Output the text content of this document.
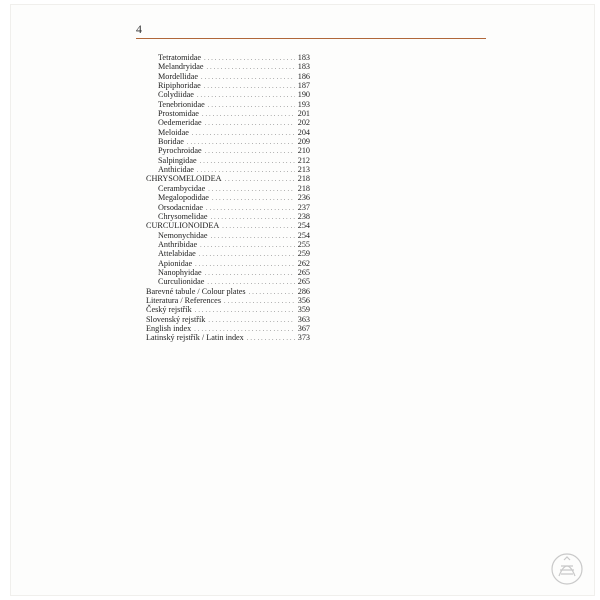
4
Tetratomidae . . .	183
Melandryidae . . .	183
Mordellidae . . .	186
Ripiphoridae . . .	187
Colydiidae . . .	190
Tenebrionidae . . .	193
Prostomidae . . .	201
Oedemeridae . . .	202
Meloidae . . .	204
Boridae . . .	209
Pyrochroidae . . .	210
Salpingidae . . .	212
Anthicidae . . .	213
CHRYSOMELOIDEA . . .	218
Cerambycidae . . .	218
Megalopodidae . . .	236
Orsodacnidae . . .	237
Chrysomelidae . . .	238
CURCULIONOIDEA . . .	254
Nemonychidae . . .	254
Anthribidae . . .	255
Attelabidae . . .	259
Apionidae . . .	262
Nanophyidae . . .	265
Curculionidae . . .	265
Barevné tabule / Colour plates . . .	286
Literatura / References . . .	356
Český rejstřík . . .	359
Slovenský rejstřík . . .	363
English index . . .	367
Latinský rejstřík / Latin index . . .	373
